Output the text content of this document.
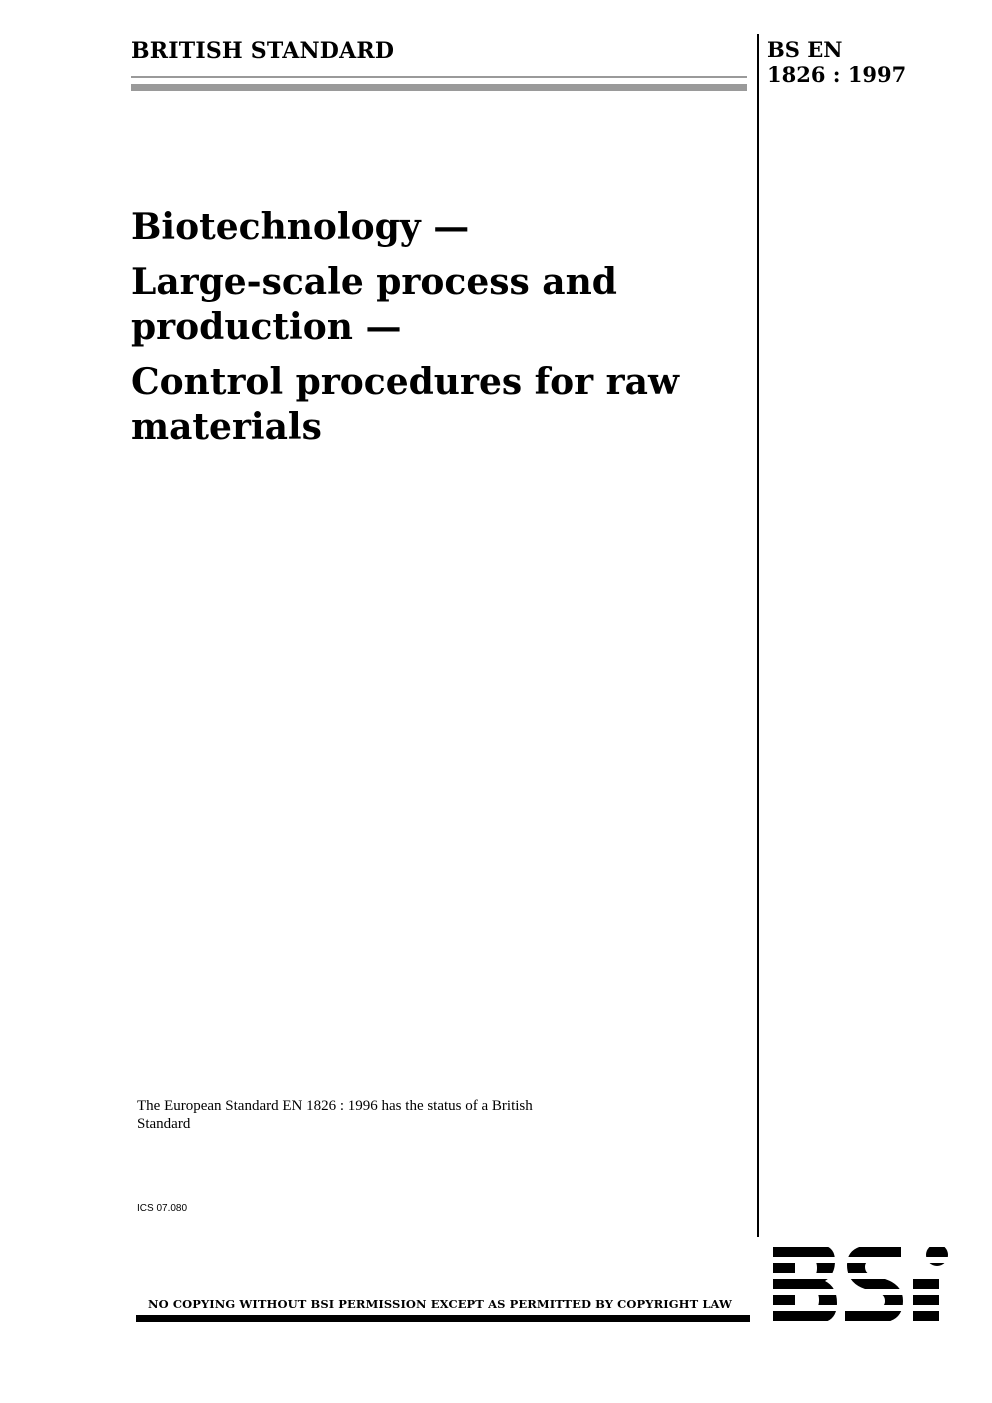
BRITISH STANDARD	BS EN
1826 : 1997
Biotechnology —
Large-scale process and production —
Control procedures for raw materials
The European Standard EN 1826 : 1996 has the status of a British Standard
ICS 07.080
NO COPYING WITHOUT BSI PERMISSION EXCEPT AS PERMITTED BY COPYRIGHT LAW
